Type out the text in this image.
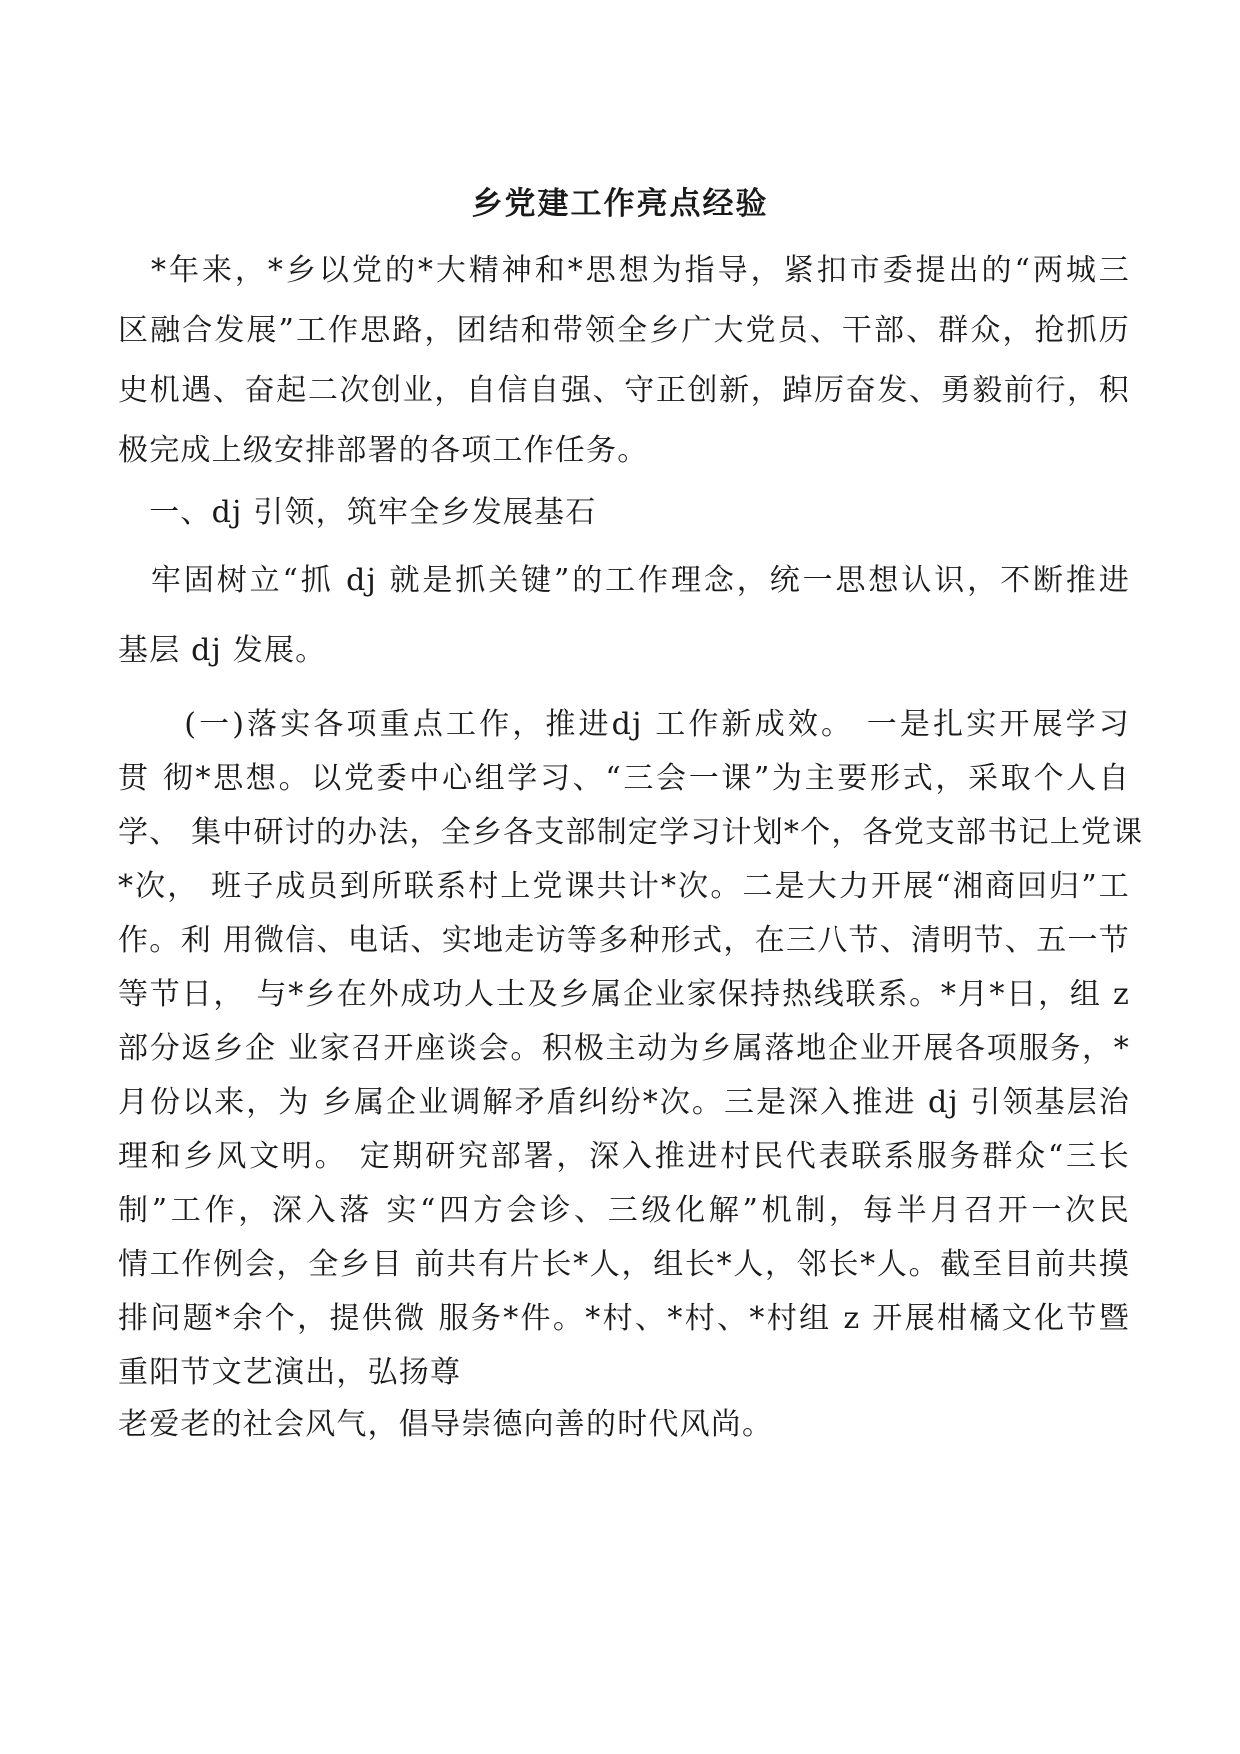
乡党建工作亮点经验
　*年来，*乡以党的*大精神和*思想为指导，紧扣市委提出的“两城三
区融合发展”工作思路，团结和带领全乡广大党员、干部、群众，抢抓历
史机遇、奋起二次创业，自信自强、守正创新，踔厉奋发、勇毅前行，积
极完成上级安排部署的各项工作任务。
　一、dj 引领，筑牢全乡发展基石
　牢固树立“抓 dj 就是抓关键”的工作理念，统一思想认识，不断推进
基层 dj 发展。
　　(一)落实各项重点工作，推进dj 工作新成效。 一是扎实开展学习
贯 彻*思想。以党委中心组学习、“三会一课”为主要形式，采取个人自
学、 集中研讨的办法，全乡各支部制定学习计划*个，各党支部书记上党课
*次， 班子成员到所联系村上党课共计*次。二是大力开展“湘商回归”工
作。利 用微信、电话、实地走访等多种形式，在三八节、清明节、五一节
等节日， 与*乡在外成功人士及乡属企业家保持热线联系。*月*日，组 z
部分返乡企 业家召开座谈会。积极主动为乡属落地企业开展各项服务，*
月份以来，为 乡属企业调解矛盾纠纷*次。三是深入推进 dj 引领基层治
理和乡风文明。 定期研究部署，深入推进村民代表联系服务群众“三长
制”工作，深入落 实“四方会诊、三级化解”机制，每半月召开一次民
情工作例会，全乡目 前共有片长*人，组长*人，邻长*人。截至目前共摸
排问题*余个，提供微 服务*件。*村、*村、*村组 z 开展柑橘文化节暨
重阳节文艺演出，弘扬尊
老爱老的社会风气，倡导崇德向善的时代风尚。
